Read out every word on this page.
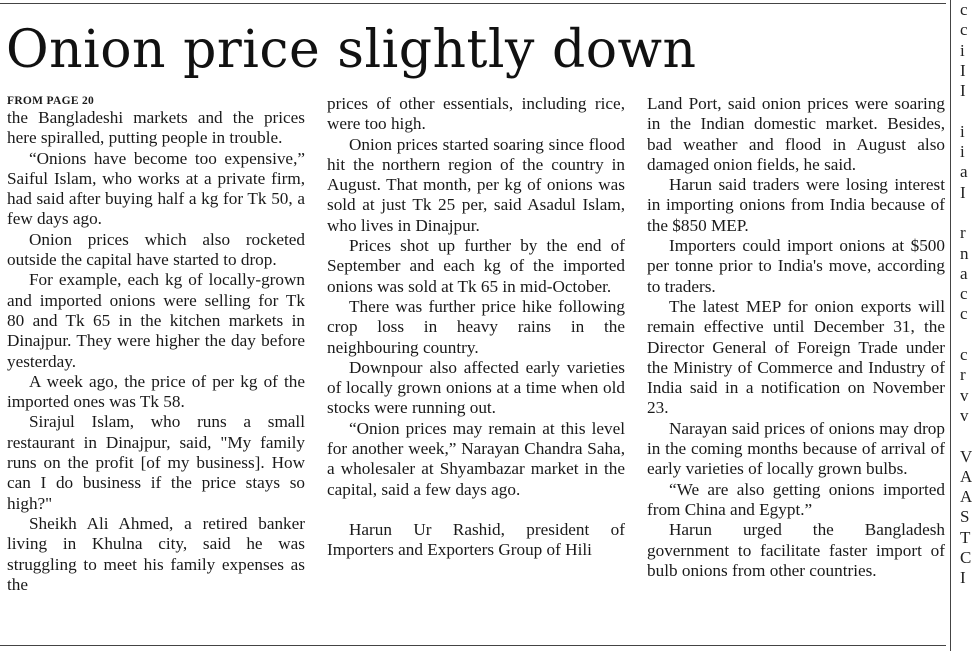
Onion price slightly down
FROM PAGE 20

the Bangladeshi markets and the prices here spiralled, putting people in trouble.

“Onions have become too expensive,” Saiful Islam, who works at a private firm, had said after buying half a kg for Tk 50, a few days ago.

Onion prices which also rocketed outside the capital have started to drop.

For example, each kg of locally-grown and imported onions were selling for Tk 80 and Tk 65 in the kitchen markets in Dinajpur. They were higher the day before yesterday.

A week ago, the price of per kg of the imported ones was Tk 58.

Sirajul Islam, who runs a small restaurant in Dinajpur, said, "My family runs on the profit [of my business]. How can I do business if the price stays so high?"

Sheikh Ali Ahmed, a retired banker living in Khulna city, said he was struggling to meet his family expenses as the

prices of other essentials, including rice, were too high.

Onion prices started soaring since flood hit the northern region of the country in August. That month, per kg of onions was sold at just Tk 25 per, said Asadul Islam, who lives in Dinajpur.

Prices shot up further by the end of September and each kg of the imported onions was sold at Tk 65 in mid-October.

There was further price hike following crop loss in heavy rains in the neighbouring country.

Downpour also affected early varieties of locally grown onions at a time when old stocks were running out.

“Onion prices may remain at this level for another week,” Narayan Chandra Saha, a wholesaler at Shyambazar market in the capital, said a few days ago.

Harun Ur Rashid, president of Importers and Exporters Group of Hili

Land Port, said onion prices were soaring in the Indian domestic market. Besides, bad weather and flood in August also damaged onion fields, he said.

Harun said traders were losing interest in importing onions from India because of the $850 MEP.

Importers could import onions at $500 per tonne prior to India's move, according to traders.

The latest MEP for onion exports will remain effective until December 31, the Director General of Foreign Trade under the Ministry of Commerce and Industry of India said in a notification on November 23.

Narayan said prices of onions may drop in the coming months because of arrival of early varieties of locally grown bulbs.

“We are also getting onions imported from China and Egypt.”

Harun urged the Bangladesh government to facilitate faster import of bulb onions from other countries.

c
c
i
I
I
i
i
a
I
r
n
a
c
c
c
r
v
v
V
A
A
S
T
C
I
